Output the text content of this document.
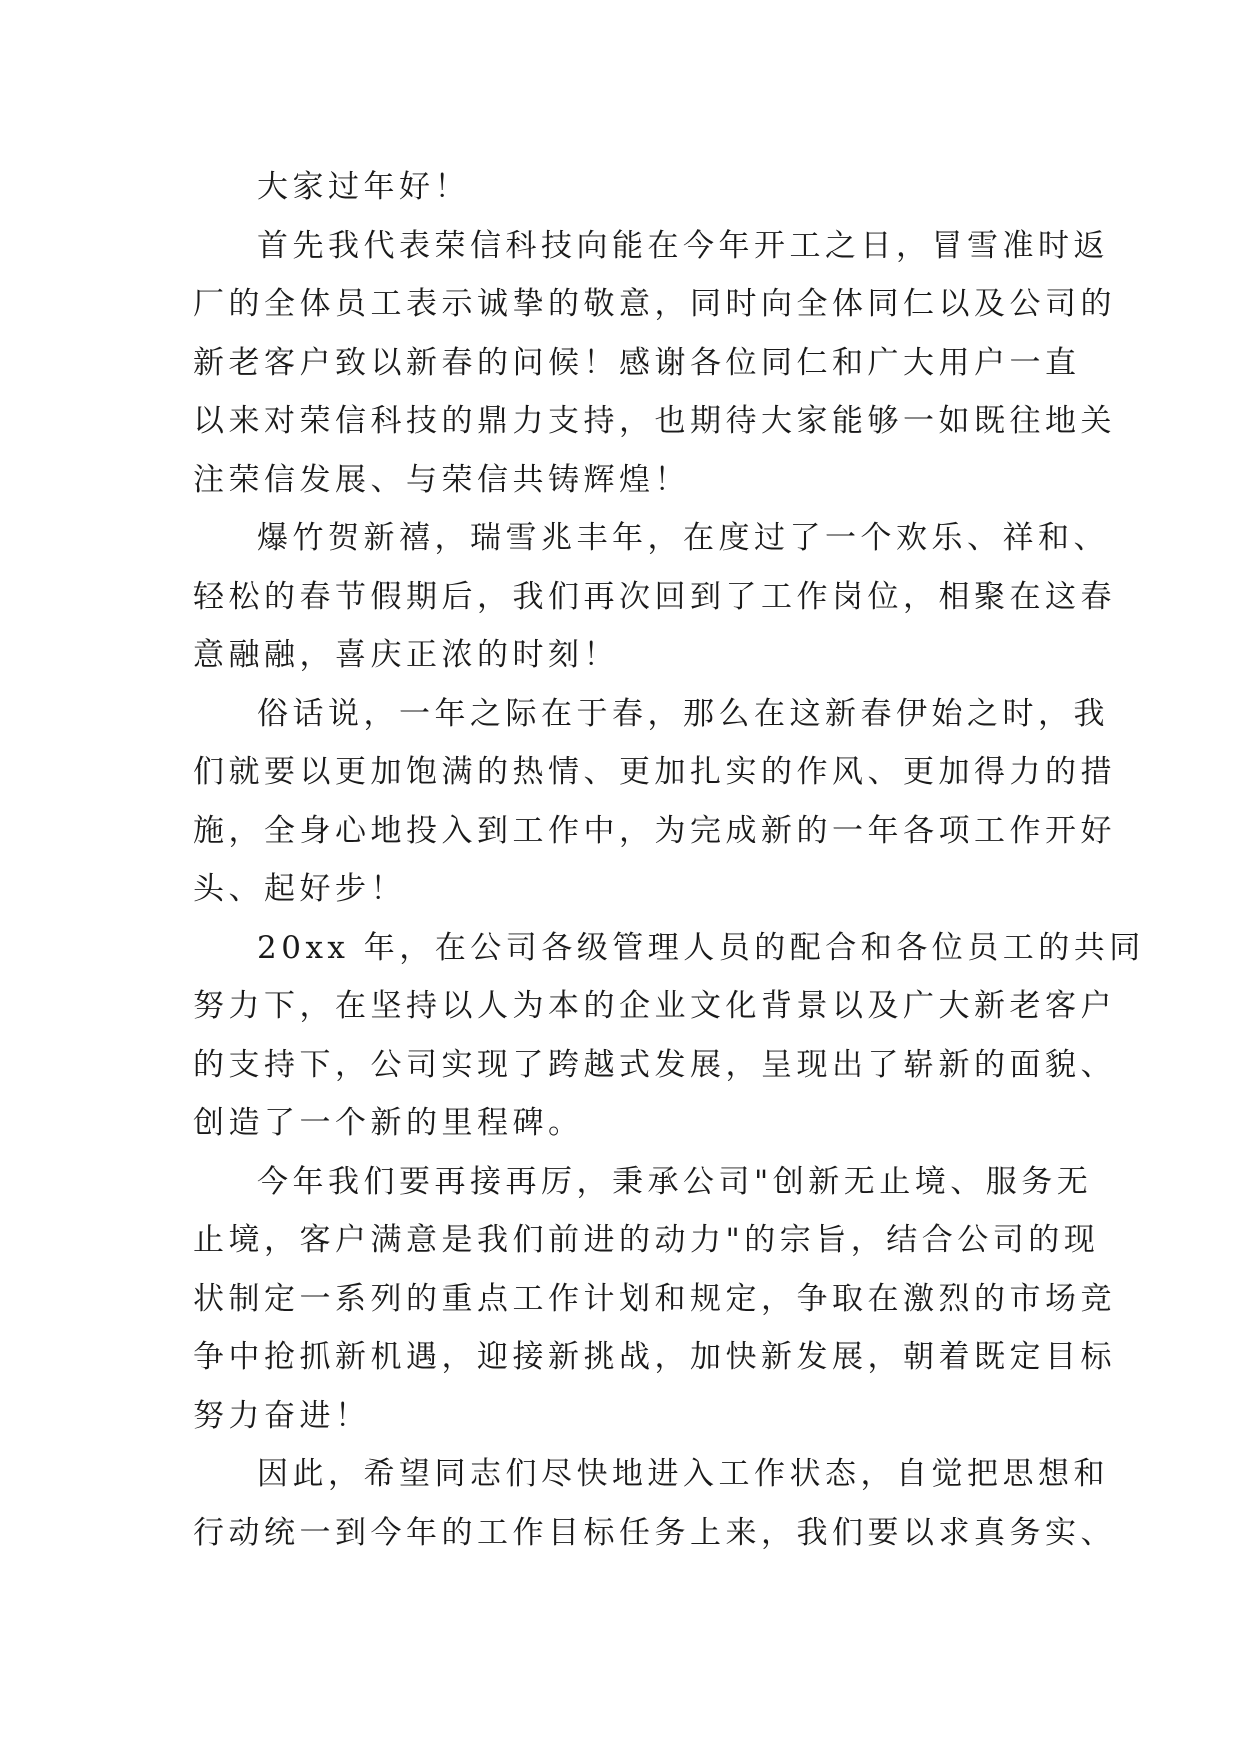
大家过年好！
首先我代表荣信科技向能在今年开工之日，冒雪准时返
厂的全体员工表示诚挚的敬意，同时向全体同仁以及公司的
新老客户致以新春的问候！感谢各位同仁和广大用户一直
以来对荣信科技的鼎力支持，也期待大家能够一如既往地关
注荣信发展、与荣信共铸辉煌！
爆竹贺新禧，瑞雪兆丰年，在度过了一个欢乐、祥和、
轻松的春节假期后，我们再次回到了工作岗位，相聚在这春
意融融，喜庆正浓的时刻！
俗话说，一年之际在于春，那么在这新春伊始之时，我
们就要以更加饱满的热情、更加扎实的作风、更加得力的措
施，全身心地投入到工作中，为完成新的一年各项工作开好
头、起好步！
20xx 年，在公司各级管理人员的配合和各位员工的共同
努力下，在坚持以人为本的企业文化背景以及广大新老客户
的支持下，公司实现了跨越式发展，呈现出了崭新的面貌、
创造了一个新的里程碑。
今年我们要再接再厉，秉承公司"创新无止境、服务无
止境，客户满意是我们前进的动力"的宗旨，结合公司的现
状制定一系列的重点工作计划和规定，争取在激烈的市场竞
争中抢抓新机遇，迎接新挑战，加快新发展，朝着既定目标
努力奋进！
因此，希望同志们尽快地进入工作状态，自觉把思想和
行动统一到今年的工作目标任务上来，我们要以求真务实、
